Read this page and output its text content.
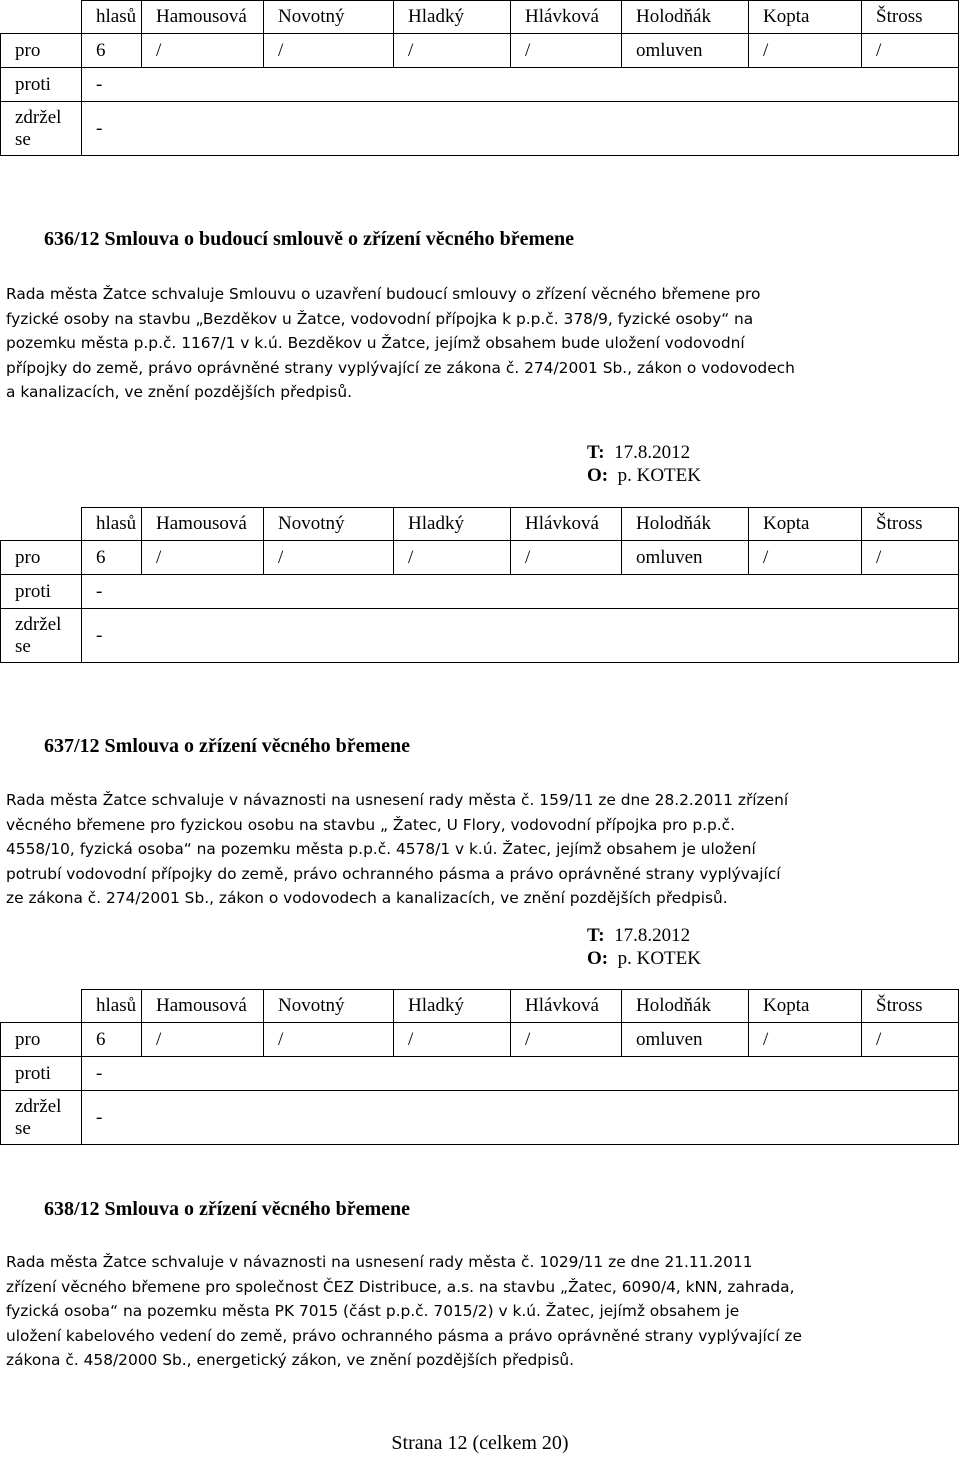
	hlasů	Hamousová	Novotný	Hladký	Hlávková	Holodňák	Kopta	Štross
pro	6	/	/	/	/	omluven	/	/
proti	-							
zdržel
se	-							
636/12 Smlouva o budoucí smlouvě o zřízení věcného břemene
Rada města Žatce schvaluje Smlouvu o uzavření budoucí smlouvy o zřízení věcného břemene pro
fyzické osoby na stavbu „Bezděkov u Žatce, vodovodní přípojka k p.p.č. 378/9, fyzické osoby“ na
pozemku města p.p.č. 1167/1 v k.ú. Bezděkov u Žatce, jejímž obsahem bude uložení vodovodní
přípojky do země, právo oprávněné strany vyplývající ze zákona č. 274/2001 Sb., zákon o vodovodech
a kanalizacích, ve znění pozdějších předpisů.
T: 17.8.2012
O: p. KOTEK
	hlasů	Hamousová	Novotný	Hladký	Hlávková	Holodňák	Kopta	Štross
pro	6	/	/	/	/	omluven	/	/
proti	-							
zdržel
se	-							
637/12 Smlouva o zřízení věcného břemene
Rada města Žatce schvaluje v návaznosti na usnesení rady města č. 159/11 ze dne 28.2.2011 zřízení
věcného břemene pro fyzickou osobu na stavbu „ Žatec, U Flory, vodovodní přípojka pro p.p.č.
4558/10, fyzická osoba“ na pozemku města p.p.č. 4578/1 v k.ú. Žatec, jejímž obsahem je uložení
potrubí vodovodní přípojky do země, právo ochranného pásma a právo oprávněné strany vyplývající
ze zákona č. 274/2001 Sb., zákon o vodovodech a kanalizacích, ve znění pozdějších předpisů.
T: 17.8.2012
O: p. KOTEK
	hlasů	Hamousová	Novotný	Hladký	Hlávková	Holodňák	Kopta	Štross
pro	6	/	/	/	/	omluven	/	/
proti	-							
zdržel
se	-							
638/12 Smlouva o zřízení věcného břemene
Rada města Žatce schvaluje v návaznosti na usnesení rady města č. 1029/11 ze dne 21.11.2011
zřízení věcného břemene pro společnost ČEZ Distribuce, a.s. na stavbu „Žatec, 6090/4, kNN, zahrada,
fyzická osoba“ na pozemku města PK 7015 (část p.p.č. 7015/2) v k.ú. Žatec, jejímž obsahem je
uložení kabelového vedení do země, právo ochranného pásma a právo oprávněné strany vyplývající ze
zákona č. 458/2000 Sb., energetický zákon, ve znění pozdějších předpisů.
Strana 12 (celkem 20)
